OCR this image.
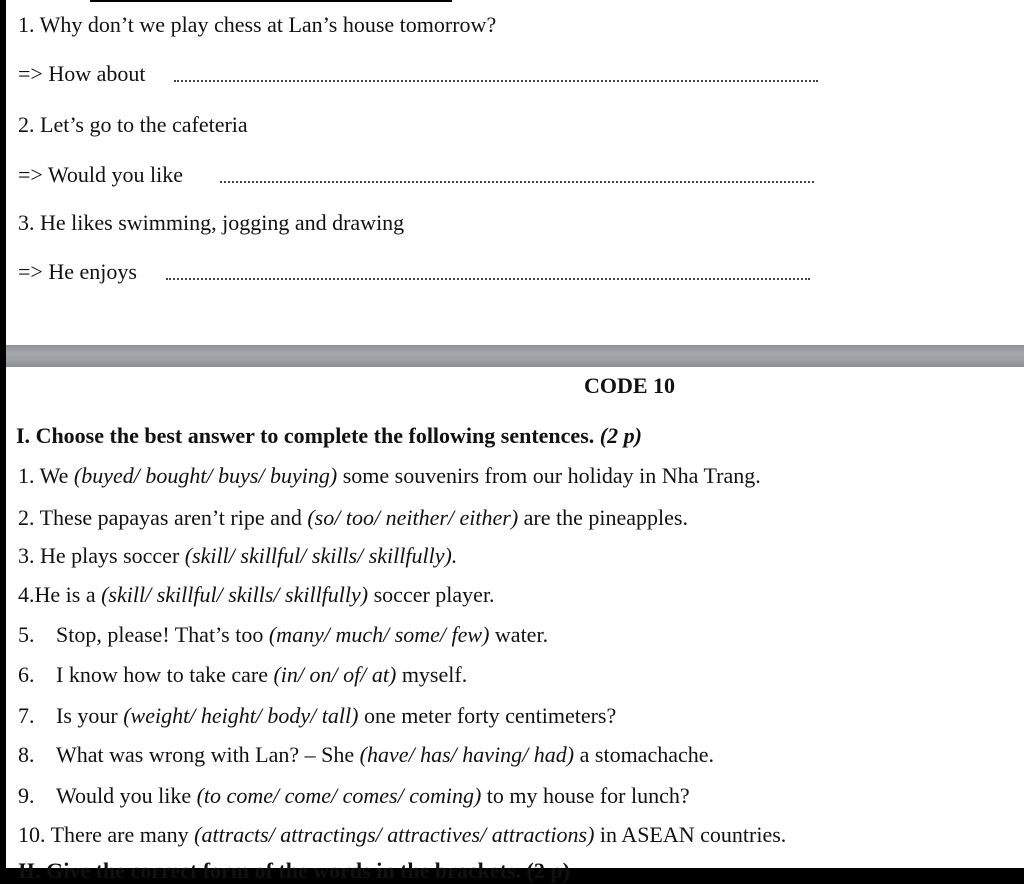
1. Why don’t we play chess at Lan’s house tomorrow?
=> How about
2. Let’s go to the cafeteria
=> Would you like
3. He likes swimming, jogging and drawing
=> He enjoys
CODE 10
I. Choose the best answer to complete the following sentences. (2 p)
1. We (buyed/ bought/ buys/ buying) some souvenirs from our holiday in Nha Trang.
2. These papayas aren’t ripe and (so/ too/ neither/ either) are the pineapples.
3. He plays soccer (skill/ skillful/ skills/ skillfully).
4.He is a (skill/ skillful/ skills/ skillfully) soccer player.
5. Stop, please! That’s too (many/ much/ some/ few) water.
6. I know how to take care (in/ on/ of/ at) myself.
7. Is your (weight/ height/ body/ tall) one meter forty centimeters?
8. What was wrong with Lan? – She (have/ has/ having/ had) a stomachache.
9. Would you like (to come/ come/ comes/ coming) to my house for lunch?
10. There are many (attracts/ attractings/ attractives/ attractions) in ASEAN countries.
II. Give the correct form of the words in the brackets. (2 p)
